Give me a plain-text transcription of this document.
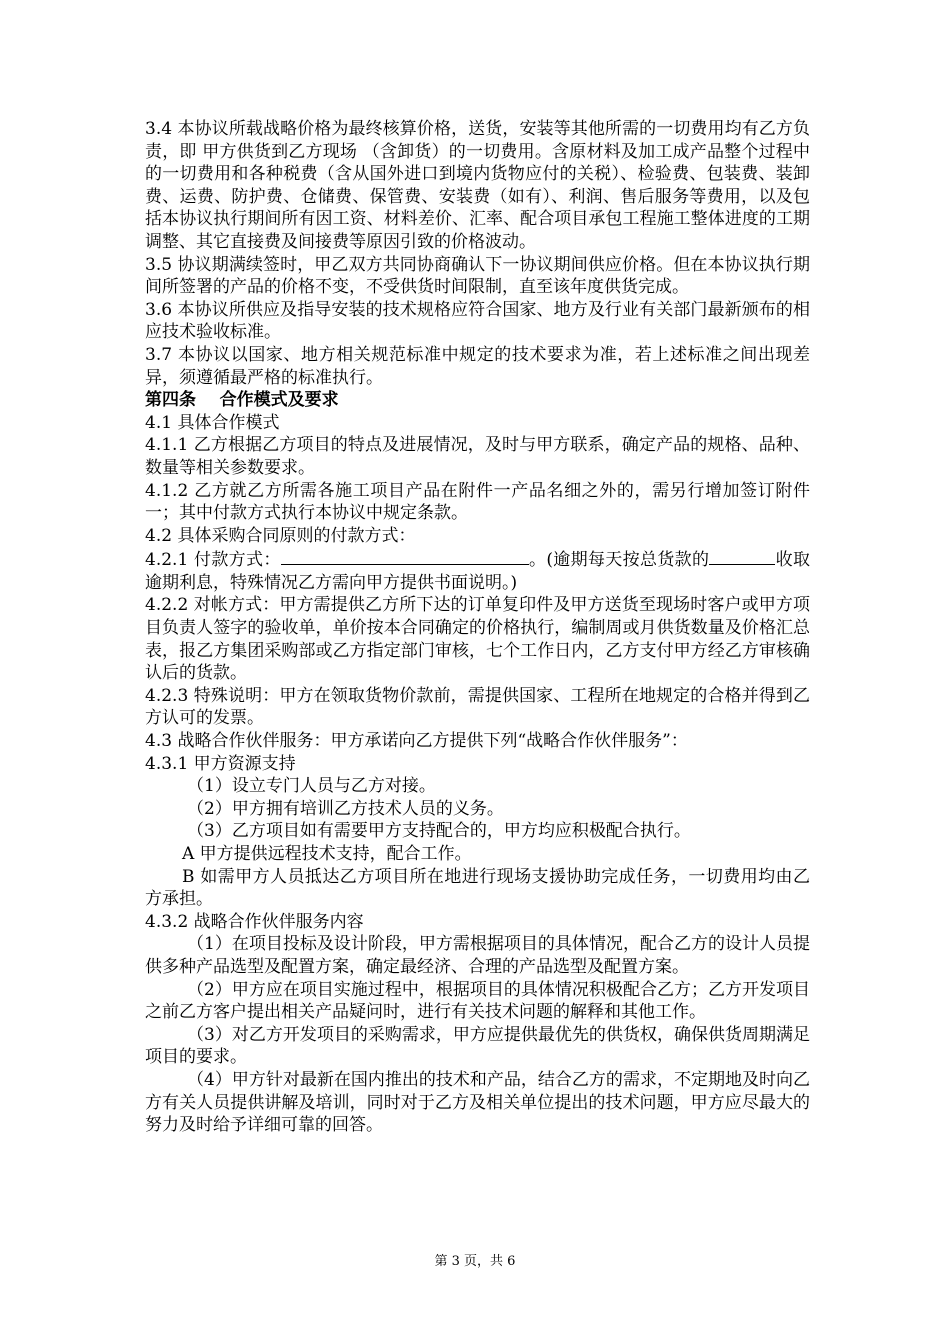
3.4 本协议所载战略价格为最终核算价格，送货，安装等其他所需的一切费用均有乙方负责，即 甲方供货到乙方现场 （含卸货）的一切费用。含原材料及加工成产品整个过程中的一切费用和各种税费（含从国外进口到境内货物应付的关税）、检验费、包装费、装卸费、运费、防护费、仓储费、保管费、安装费（如有）、利润、售后服务等费用，以及包括本协议执行期间所有因工资、材料差价、汇率、配合项目承包工程施工整体进度的工期调整、其它直接费及间接费等原因引致的价格波动。

3.5 协议期满续签时，甲乙双方共同协商确认下一协议期间供应价格。但在本协议执行期间所签署的产品的价格不变，不受供货时间限制，直至该年度供货完成。

3.6 本协议所供应及指导安装的技术规格应符合国家、地方及行业有关部门最新颁布的相应技术验收标准。

3.7 本协议以国家、地方相关规范标准中规定的技术要求为准，若上述标准之间出现差异，须遵循最严格的标准执行。

第四条    合作模式及要求

4.1 具体合作模式

4.1.1 乙方根据乙方项目的特点及进展情况，及时与甲方联系，确定产品的规格、品种、数量等相关参数要求。

4.1.2 乙方就乙方所需各施工项目产品在附件一产品名细之外的，需另行增加签订附件一；其中付款方式执行本协议中规定条款。

4.2 具体采购合同原则的付款方式：

4.2.1 付款方式：	。(逾期每天按总货款的	收取逾期利息，特殊情况乙方需向甲方提供书面说明。)

4.2.2 对帐方式：甲方需提供乙方所下达的订单复印件及甲方送货至现场时客户或甲方项目负责人签字的验收单，单价按本合同确定的价格执行，编制周或月供货数量及价格汇总表，报乙方集团采购部或乙方指定部门审核，七个工作日内，乙方支付甲方经乙方审核确认后的货款。

4.2.3 特殊说明：甲方在领取货物价款前，需提供国家、工程所在地规定的合格并得到乙方认可的发票。

4.3 战略合作伙伴服务：甲方承诺向乙方提供下列“战略合作伙伴服务”：

4.3.1 甲方资源支持

（1）设立专门人员与乙方对接。

（2）甲方拥有培训乙方技术人员的义务。

（3）乙方项目如有需要甲方支持配合的，甲方均应积极配合执行。

A 甲方提供远程技术支持，配合工作。

B 如需甲方人员抵达乙方项目所在地进行现场支援协助完成任务，一切费用均由乙方承担。

4.3.2 战略合作伙伴服务内容

（1）在项目投标及设计阶段，甲方需根据项目的具体情况，配合乙方的设计人员提供多种产品选型及配置方案，确定最经济、合理的产品选型及配置方案。

（2）甲方应在项目实施过程中，根据项目的具体情况积极配合乙方；乙方开发项目之前乙方客户提出相关产品疑问时，进行有关技术问题的解释和其他工作。

（3）对乙方开发项目的采购需求，甲方应提供最优先的供货权，确保供货周期满足项目的要求。

（4）甲方针对最新在国内推出的技术和产品，结合乙方的需求，不定期地及时向乙方有关人员提供讲解及培训，同时对于乙方及相关单位提出的技术问题，甲方应尽最大的努力及时给予详细可靠的回答。

第 3 页，共 6
